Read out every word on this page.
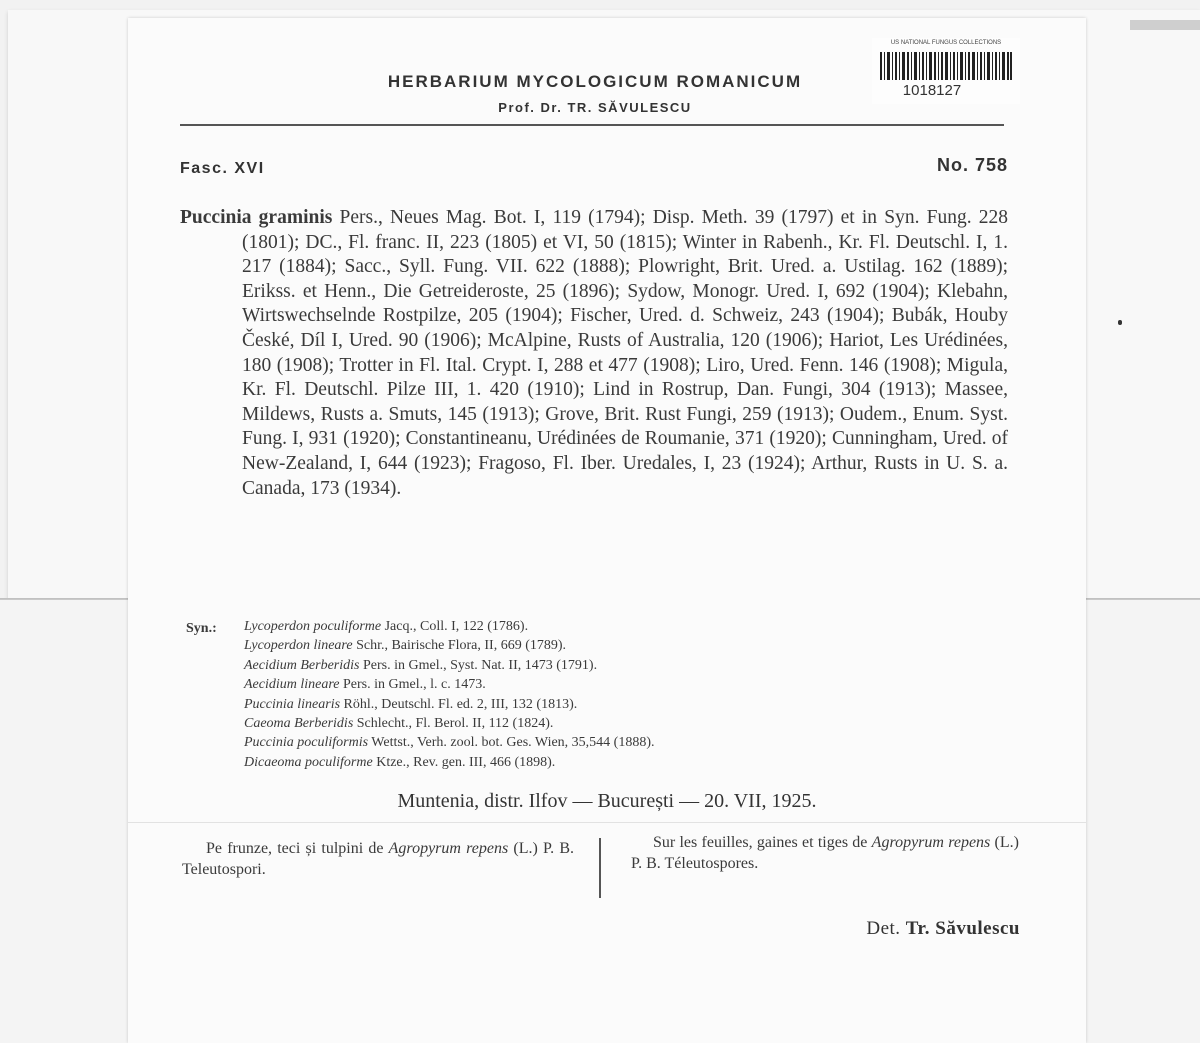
US NATIONAL FUNGUS COLLECTIONS
1018127
HERBARIUM MYCOLOGICUM ROMANICUM
Prof. Dr. TR. SĂVULESCU
Fasc. XVI	No. 758

Puccinia graminis Pers., Neues Mag. Bot. I, 119 (1794); Disp. Meth. 39 (1797) et in Syn. Fung. 228 (1801); DC., Fl. franc. II, 223 (1805) et VI, 50 (1815); Winter in Rabenh., Kr. Fl. Deutschl. I, 1. 217 (1884); Sacc., Syll. Fung. VII. 622 (1888); Plowright, Brit. Ured. a. Ustilag. 162 (1889); Erikss. et Henn., Die Getreideroste, 25 (1896); Sydow, Monogr. Ured. I, 692 (1904); Klebahn, Wirtswechselnde Rostpilze, 205 (1904); Fischer, Ured. d. Schweiz, 243 (1904); Bubák, Houby České, Díl I, Ured. 90 (1906); McAlpine, Rusts of Australia, 120 (1906); Hariot, Les Urédinées, 180 (1908); Trotter in Fl. Ital. Crypt. I, 288 et 477 (1908); Liro, Ured. Fenn. 146 (1908); Migula, Kr. Fl. Deutschl. Pilze III, 1. 420 (1910); Lind in Rostrup, Dan. Fungi, 304 (1913); Massee, Mildews, Rusts a. Smuts, 145 (1913); Grove, Brit. Rust Fungi, 259 (1913); Oudem., Enum. Syst. Fung. I, 931 (1920); Constantineanu, Urédinées de Roumanie, 371 (1920); Cunningham, Ured. of New-Zealand, I, 644 (1923); Fragoso, Fl. Iber. Uredales, I, 23 (1924); Arthur, Rusts in U. S. a. Canada, 173 (1934).

Syn.: Lycoperdon poculiforme Jacq., Coll. I, 122 (1786).
Lycoperdon lineare Schr., Bairische Flora, II, 669 (1789).
Aecidium Berberidis Pers. in Gmel., Syst. Nat. II, 1473 (1791).
Aecidium lineare Pers. in Gmel., l. c. 1473.
Puccinia linearis Röhl., Deutschl. Fl. ed. 2, III, 132 (1813).
Caeoma Berberidis Schlecht., Fl. Berol. II, 112 (1824).
Puccinia poculiformis Wettst., Verh. zool. bot. Ges. Wien, 35,544 (1888).
Dicaeoma poculiforme Ktze., Rev. gen. III, 466 (1898).
Muntenia, distr. Ilfov — București — 20. VII, 1925.

Pe frunze, teci și tulpini de Agropyrum repens (L.) P. B. Teleutospori.

Sur les feuilles, gaines et tiges de Agropyrum repens (L.) P. B. Téleutospores.

Det. Tr. Săvulescu
